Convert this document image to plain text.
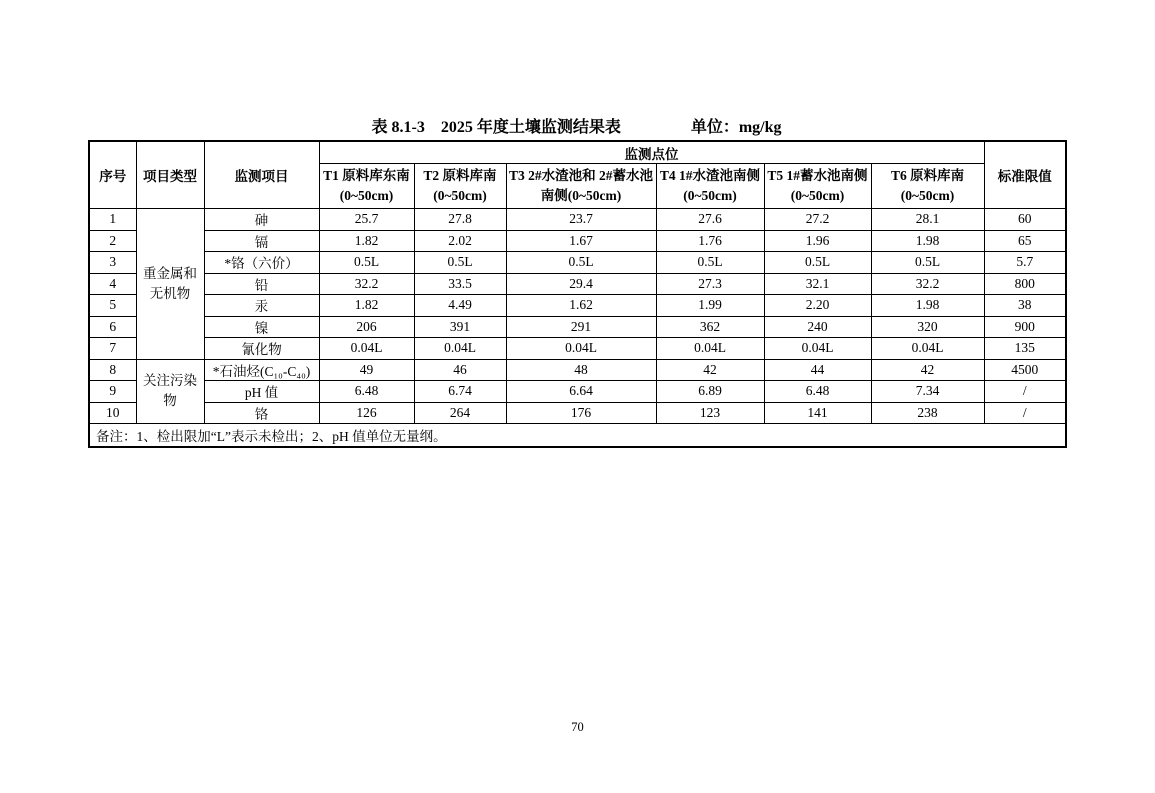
表 8.1-3　2025 年度土壤监测结果表	单位：mg/kg
序号	项目类型	监测项目	监测点位						标准限值
			T1 原料库东南(0~50cm)	T2 原料库南(0~50cm)	T3 2#水渣池和 2#蓄水池南侧(0~50cm)	T4 1#水渣池南侧(0~50cm)	T5 1#蓄水池南侧(0~50cm)	T6 原料库南(0~50cm)	
1	重金属和无机物	砷	25.7	27.8	23.7	27.6	27.2	28.1	60
2		镉	1.82	2.02	1.67	1.76	1.96	1.98	65
3		*铬（六价）	0.5L	0.5L	0.5L	0.5L	0.5L	0.5L	5.7
4		铅	32.2	33.5	29.4	27.3	32.1	32.2	800
5		汞	1.82	4.49	1.62	1.99	2.20	1.98	38
6		镍	206	391	291	362	240	320	900
7		氰化物	0.04L	0.04L	0.04L	0.04L	0.04L	0.04L	135
8	关注污染物	*石油烃(C₁₀-C₄₀)	49	46	48	42	44	42	4500
9		pH 值	6.48	6.74	6.64	6.89	6.48	7.34	/
10		铬	126	264	176	123	141	238	/
备注：1、检出限加“L”表示未检出；2、pH 值单位无量纲。									
70
